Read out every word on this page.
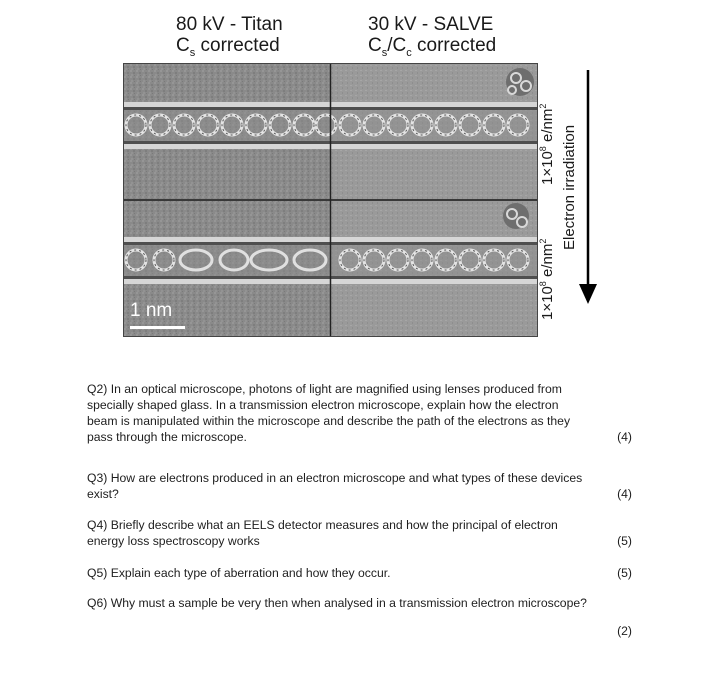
80 kV - Titan
$C_s$ corrected
30 kV - SALVE
$C_s/C_c$ corrected
1 nm
$1\times 10^8$ $e/nm^2$
$1\times 10^8$ $e/nm^2$ Electron irradiation
Q2) In an optical microscope, photons of light are magnified using lenses produced from specially shaped glass. In a transmission electron microscope, explain how the electron beam is manipulated within the microscope and describe the path of the electrons as they pass through the microscope.	(4)
Q3) How are electrons produced in an electron microscope and what types of these devices exist?	(4)
Q4) Briefly describe what an EELS detector measures and how the principal of electron energy loss spectroscopy works	(5)
Q5) Explain each type of aberration and how they occur.	(5)
Q6) Why must a sample be very then when analysed in a transmission electron microscope?
(2)
